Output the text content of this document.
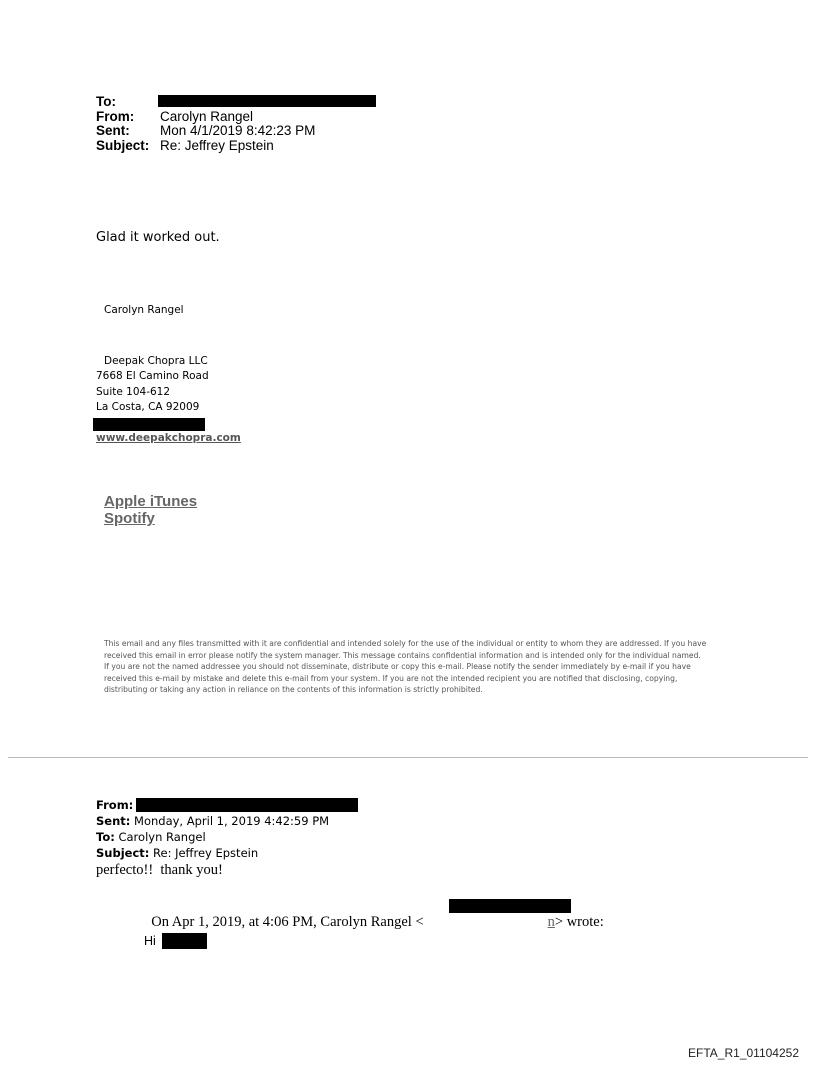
To:
From:	Carolyn Rangel
Sent:	Mon 4/1/2019 8:42:23 PM
Subject: Re: Jeffrey Epstein
Glad it worked out.
Carolyn Rangel
Deepak Chopra LLC
7668 El Camino Road
Suite 104-612
La Costa, CA 92009
www.deepakchopra.com
Apple iTunes
Spotify
This email and any files transmitted with it are confidential and intended solely for the use of the individual or entity to whom they are addressed. If you have received this email in error please notify the system manager. This message contains confidential information and is intended only for the individual named. If you are not the named addressee you should not disseminate, distribute or copy this e-mail. Please notify the sender immediately by e-mail if you have received this e-mail by mistake and delete this e-mail from your system. If you are not the intended recipient you are notified that disclosing, copying, distributing or taking any action in reliance on the contents of this information is strictly prohibited.
From:
Sent: Monday, April 1, 2019 4:42:59 PM
To: Carolyn Rangel
Subject: Re: Jeffrey Epstein
perfecto!!  thank you!

On Apr 1, 2019, at 4:06 PM, Carolyn Rangel <	n> wrote:

Hi
EFTA_R1_01104252
